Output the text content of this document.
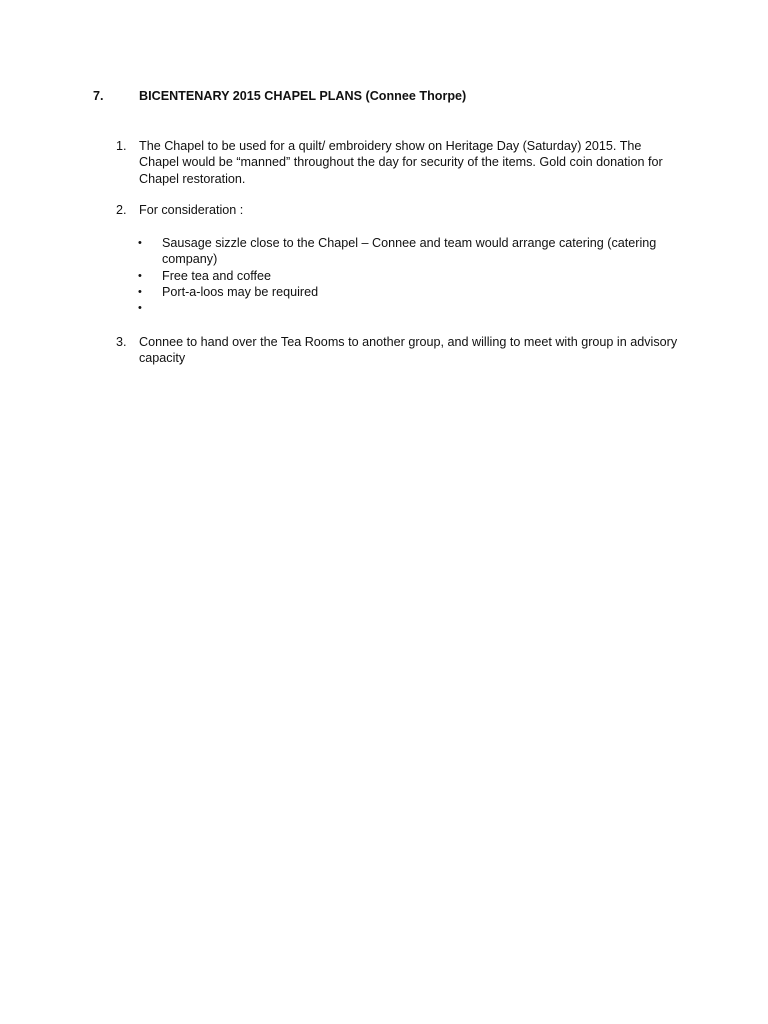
7.	BICENTENARY 2015 CHAPEL PLANS (Connee Thorpe)
1. The Chapel to be used for a quilt/ embroidery show on Heritage Day (Saturday) 2015. The Chapel would be “manned” throughout the day for security of the items. Gold coin donation for Chapel restoration.
2. For consideration :
• Sausage sizzle close to the Chapel – Connee and team would arrange catering (catering company)
• Free tea and coffee
• Port-a-loos may be required
•
3. Connee to hand over the Tea Rooms to another group, and willing to meet with group in advisory capacity
